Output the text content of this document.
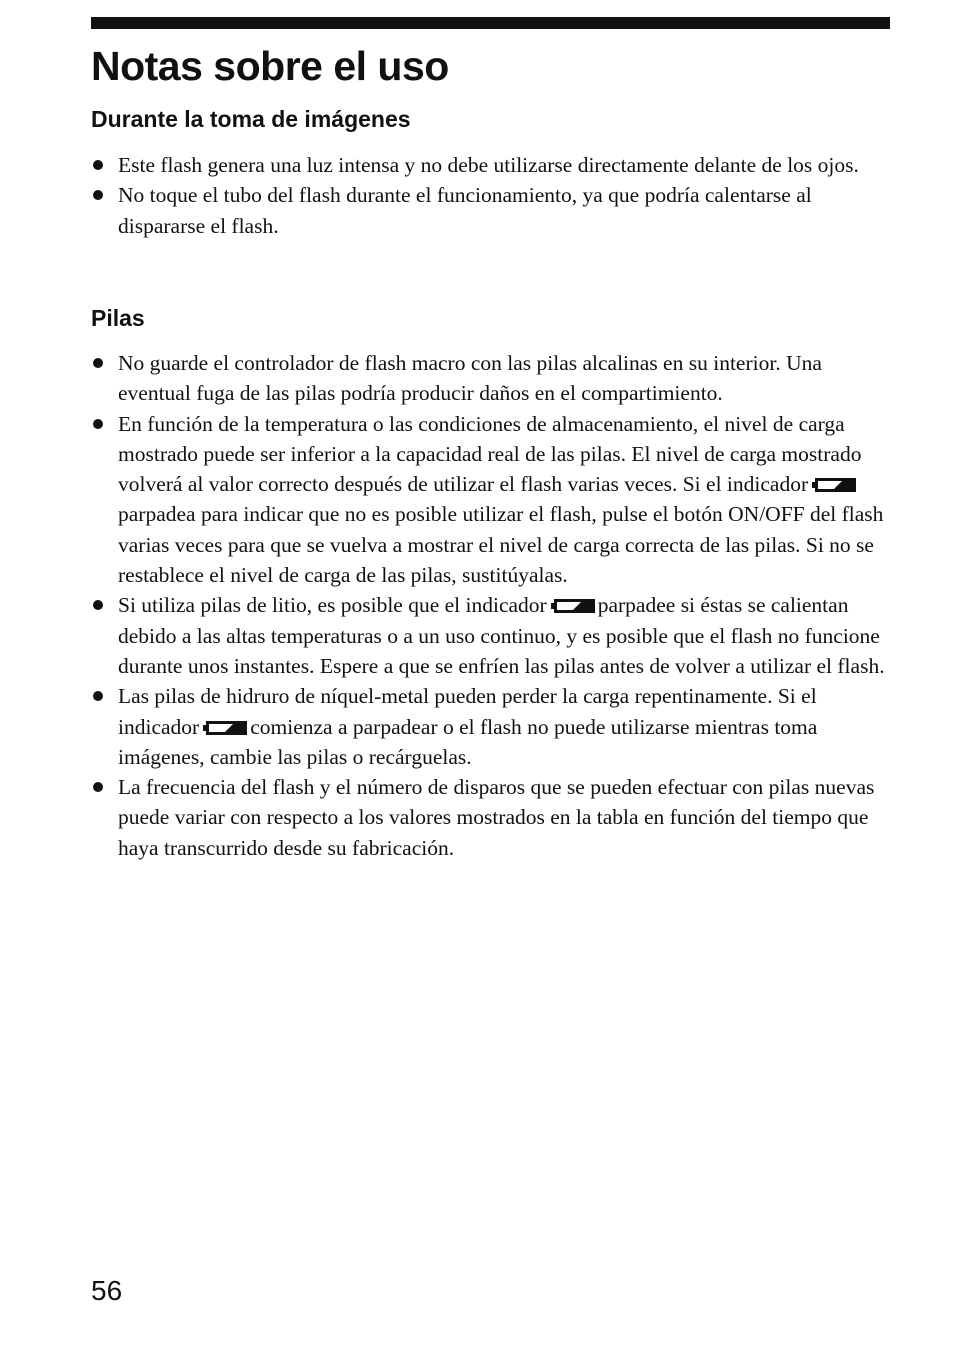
Notas sobre el uso
Durante la toma de imágenes
Este flash genera una luz intensa y no debe utilizarse directamente delante de los ojos.
No toque el tubo del flash durante el funcionamiento, ya que podría calentarse al dispararse el flash.
Pilas
No guarde el controlador de flash macro con las pilas alcalinas en su interior. Una eventual fuga de las pilas podría producir daños en el compartimiento.
En función de la temperatura o las condiciones de almacenamiento, el nivel de carga mostrado puede ser inferior a la capacidad real de las pilas. El nivel de carga mostrado volverá al valor correcto después de utilizar el flash varias veces. Si el indicador
parpadea para indicar que no es posible utilizar el flash, pulse el botón ON/OFF del flash varias veces para que se vuelva a mostrar el nivel de carga correcta de las pilas. Si no se restablece el nivel de carga de las pilas, sustitúyalas.
Si utiliza pilas de litio, es posible que el indicador parpadee si éstas se calientan debido a las altas temperaturas o a un uso continuo, y es posible que el flash no funcione durante unos instantes. Espere a que se enfríen las pilas antes de volver a utilizar el flash.
Las pilas de hidruro de níquel-metal pueden perder la carga repentinamente. Si el indicador comienza a parpadear o el flash no puede utilizarse mientras toma imágenes, cambie las pilas o recárguelas.
La frecuencia del flash y el número de disparos que se pueden efectuar con pilas nuevas puede variar con respecto a los valores mostrados en la tabla en función del tiempo que haya transcurrido desde su fabricación.
56
